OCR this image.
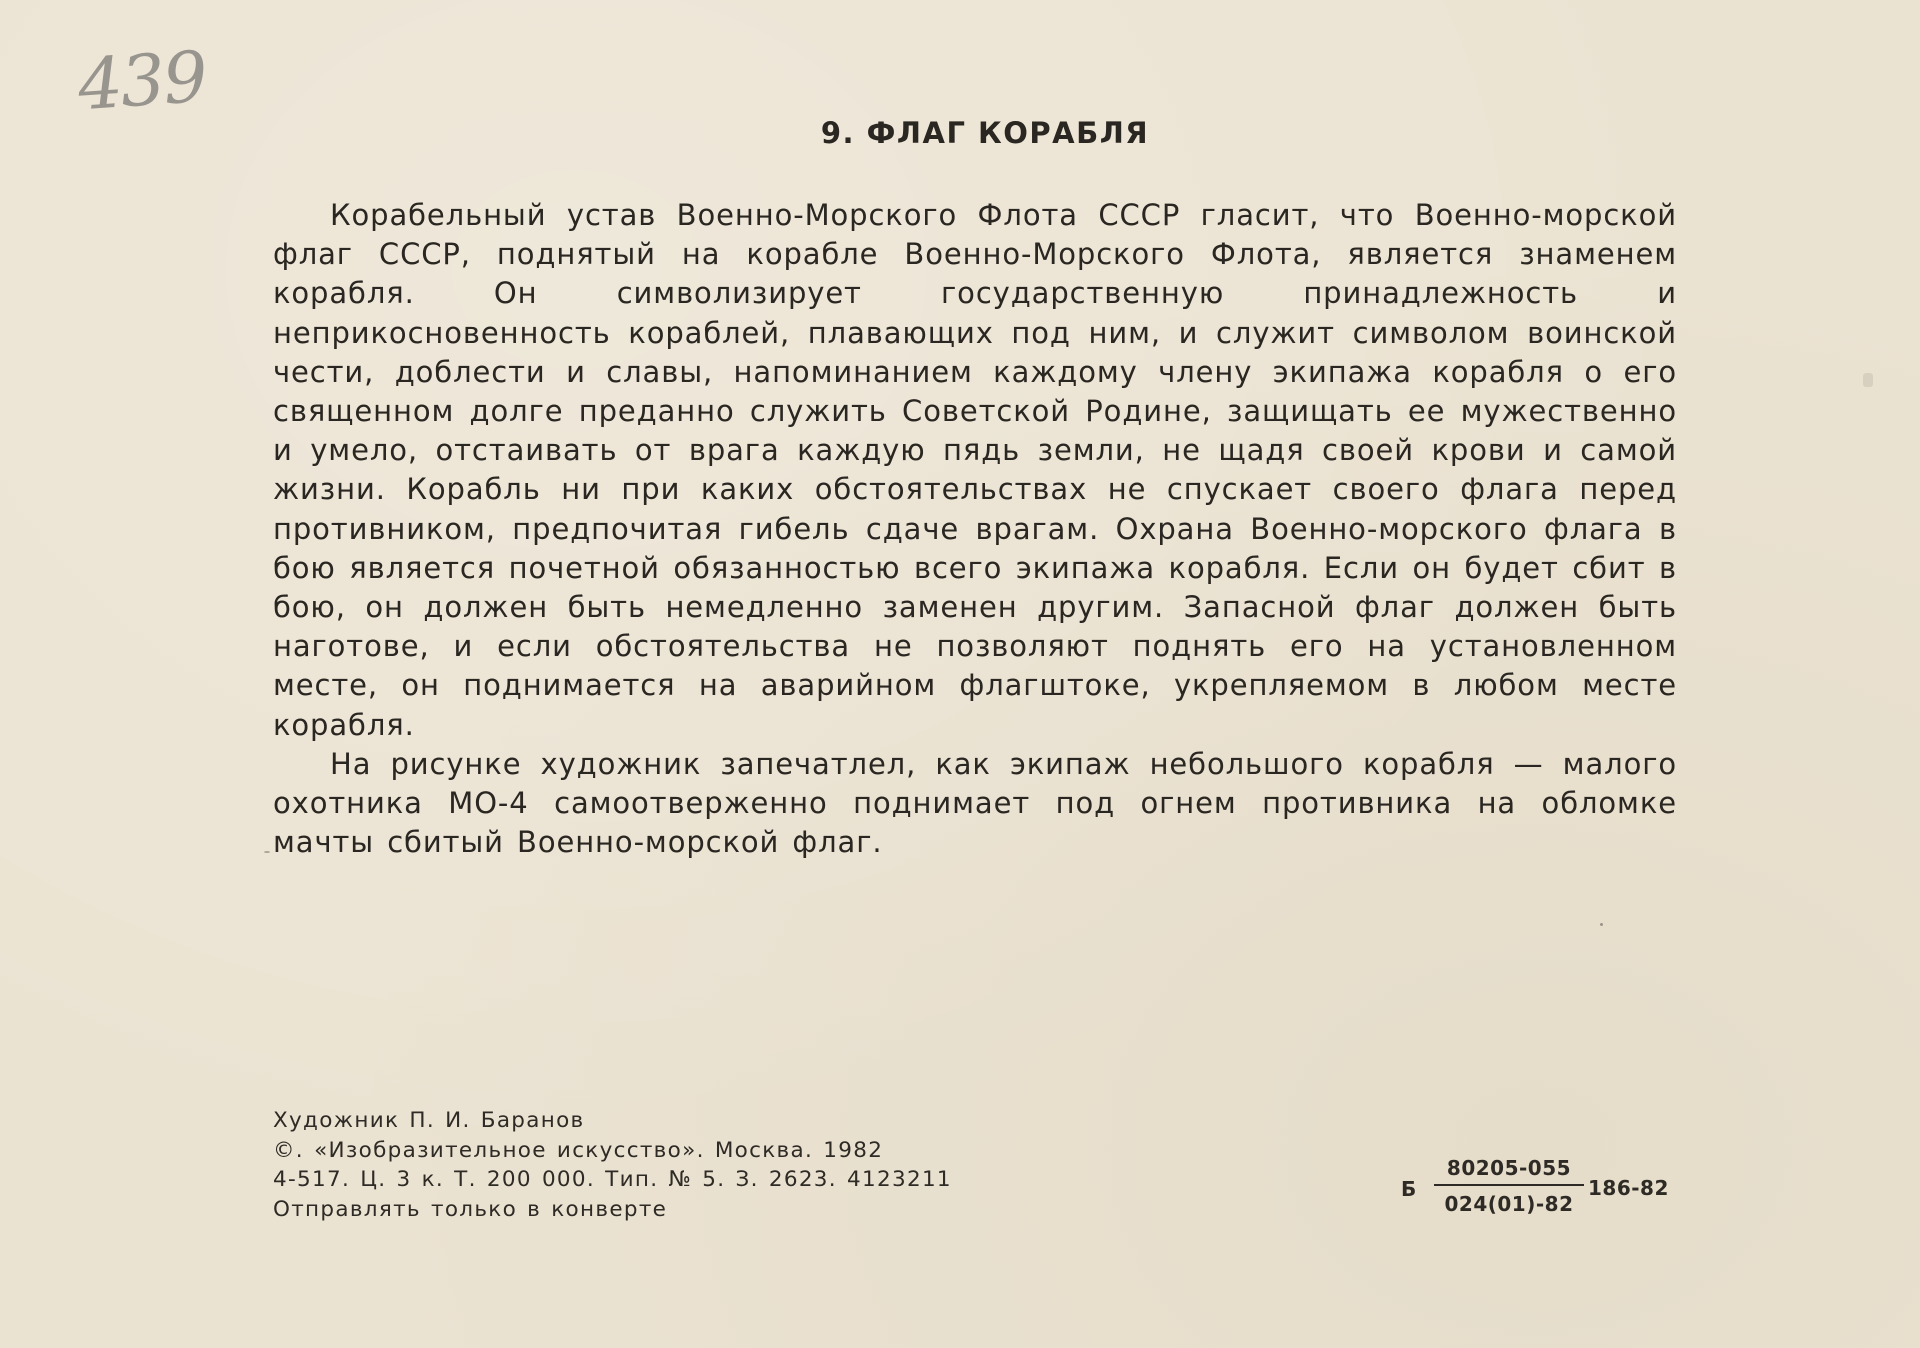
439
9. ФЛАГ КОРАБЛЯ

Корабельный устав Военно-Морского Флота СССР гласит, что Военно-морской флаг СССР, поднятый на корабле Военно-Морского Флота, является знаменем корабля. Он символизирует государственную принадлежность и неприкосновенность кораблей, плавающих под ним, и служит символом воинской чести, доблести и славы, напоминанием каждому члену экипажа корабля о его священном долге преданно служить Советской Родине, защищать ее мужественно и умело, отстаивать от врага каждую пядь земли, не щадя своей крови и самой жизни. Корабль ни при каких обстоятельствах не спускает своего флага перед противником, предпочитая гибель сдаче врагам. Охрана Военно-морского флага в бою является почетной обязанностью всего экипажа корабля. Если он будет сбит в бою, он должен быть немедленно заменен другим. Запасной флаг должен быть наготове, и если обстоятельства не позволяют поднять его на установленном месте, он поднимается на аварийном флагштоке, укрепляемом в любом месте корабля.

На рисунке художник запечатлел, как экипаж небольшого корабля — малого охотника МО-4 самоотверженно поднимает под огнем противника на обломке мачты сбитый Военно-морской флаг.

Художник П. И. Баранов
©. «Изобразительное искусство». Москва. 1982
4-517. Ц. 3 к. Т. 200 000. Тип. № 5. З. 2623. 4123211
Отправлять только в конверте
Б $\frac{80205-055}{024(01)-82} 186-82$
